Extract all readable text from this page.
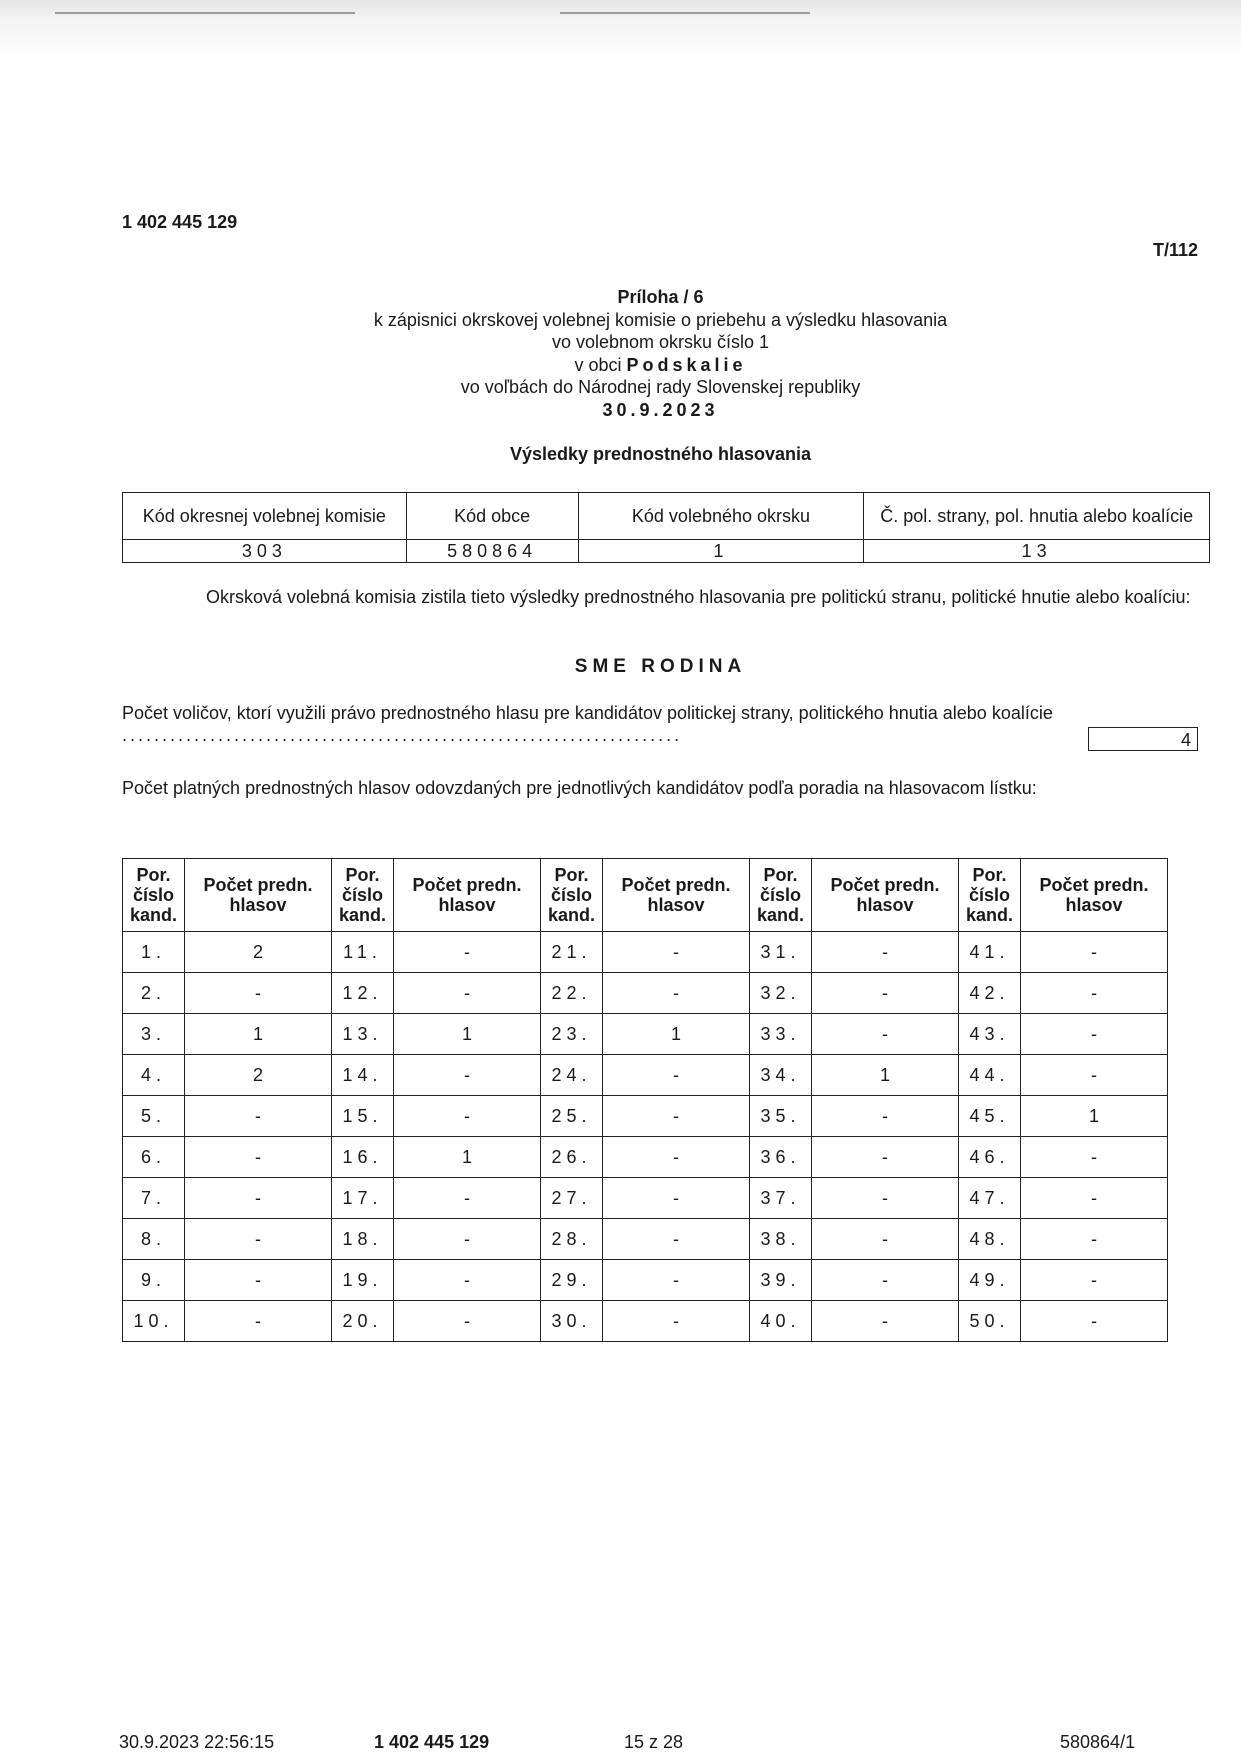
1 402 445 129
T/112
Príloha / 6
k zápisnici okrskovej volebnej komisie o priebehu a výsledku hlasovania
vo volebnom okrsku číslo 1
v obci Podskalie
vo voľbách do Národnej rady Slovenskej republiky
30.9.2023
Výsledky prednostného hlasovania
Kód okresnej volebnej komisie	Kód obce	Kód volebného okrsku	Č. pol. strany, pol. hnutia alebo koalície
303	580864	1	13
Okrsková volebná komisia zistila tieto výsledky prednostného hlasovania pre politickú stranu, politické hnutie alebo koalíciu:
SME RODINA
Počet voličov, ktorí využili právo prednostného hlasu pre kandidátov politickej strany, politického hnutia alebo koalície ......................................................................	4
Počet platných prednostných hlasov odovzdaných pre jednotlivých kandidátov podľa poradia na hlasovacom lístku:
Por. číslo kand.	Počet predn. hlasov	Por. číslo kand.	Počet predn. hlasov	Por. číslo kand.	Počet predn. hlasov	Por. číslo kand.	Počet predn. hlasov	Por. číslo kand.	Počet predn. hlasov
1.	2	11.	-	21.	-	31.	-	41.	-
2.	-	12.	-	22.	-	32.	-	42.	-
3.	1	13.	1	23.	1	33.	-	43.	-
4.	2	14.	-	24.	-	34.	1	44.	-
5.	-	15.	-	25.	-	35.	-	45.	1
6.	-	16.	1	26.	-	36.	-	46.	-
7.	-	17.	-	27.	-	37.	-	47.	-
8.	-	18.	-	28.	-	38.	-	48.	-
9.	-	19.	-	29.	-	39.	-	49.	-
10.	-	20.	-	30.	-	40.	-	50.	-
30.9.2023 22:56:15	1 402 445 129	15 z 28	580864/1
